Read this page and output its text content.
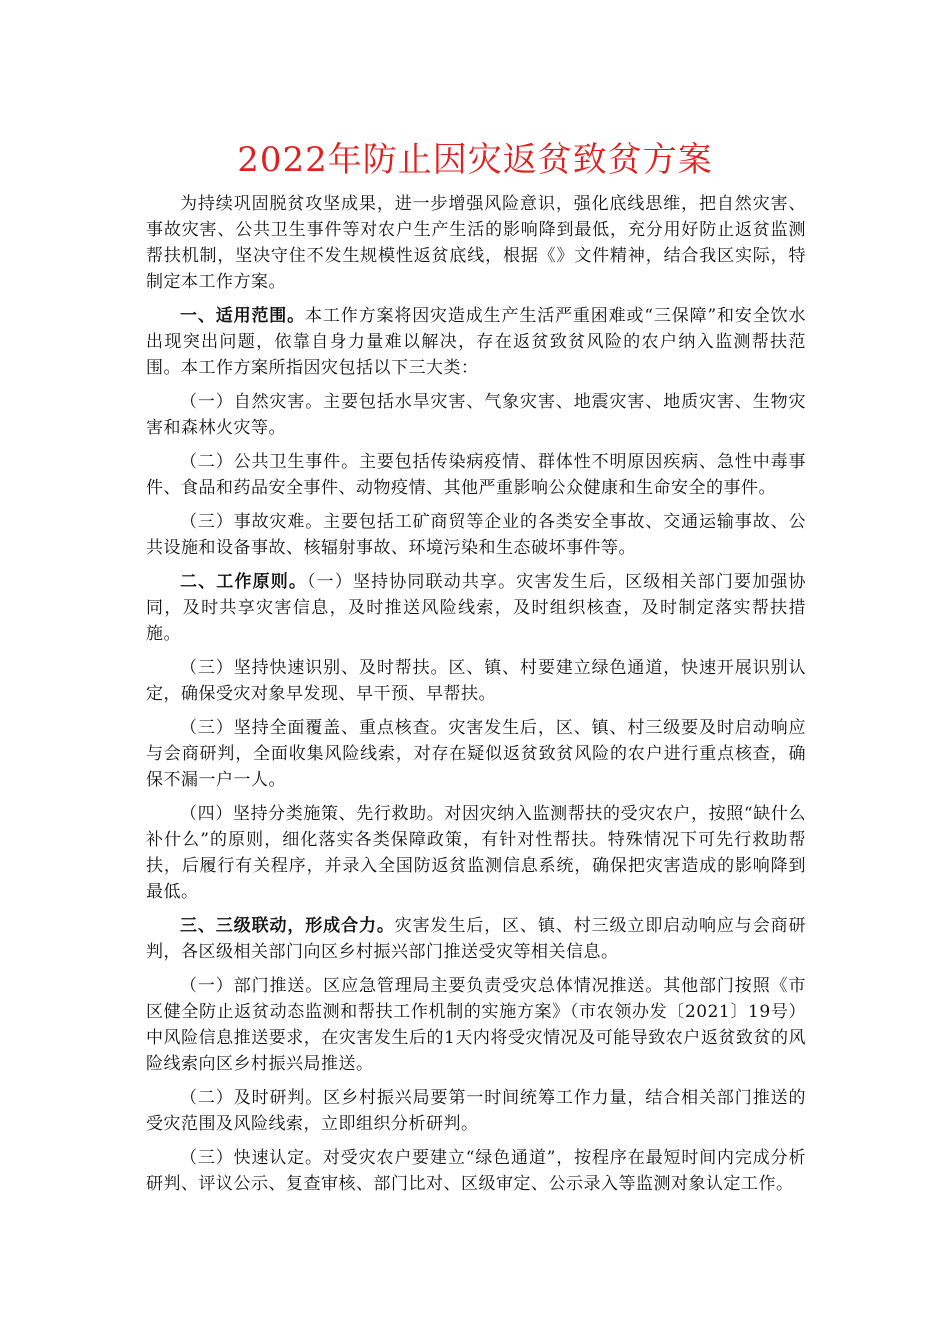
2022年防止因灾返贫致贫方案

为持续巩固脱贫攻坚成果，进一步增强风险意识，强化底线思维，把自然灾害、事故灾害、公共卫生事件等对农户生产生活的影响降到最低，充分用好防止返贫监测帮扶机制，坚决守住不发生规模性返贫底线，根据《》文件精神，结合我区实际，特制定本工作方案。

一、适用范围。本工作方案将因灾造成生产生活严重困难或“三保障”和安全饮水出现突出问题，依靠自身力量难以解决，存在返贫致贫风险的农户纳入监测帮扶范围。本工作方案所指因灾包括以下三大类：

（一）自然灾害。主要包括水旱灾害、气象灾害、地震灾害、地质灾害、生物灾害和森林火灾等。

（二）公共卫生事件。主要包括传染病疫情、群体性不明原因疾病、急性中毒事件、食品和药品安全事件、动物疫情、其他严重影响公众健康和生命安全的事件。

（三）事故灾难。主要包括工矿商贸等企业的各类安全事故、交通运输事故、公共设施和设备事故、核辐射事故、环境污染和生态破坏事件等。

二、工作原则。（一）坚持协同联动共享。灾害发生后，区级相关部门要加强协同，及时共享灾害信息，及时推送风险线索，及时组织核查，及时制定落实帮扶措施。

（三）坚持快速识别、及时帮扶。区、镇、村要建立绿色通道，快速开展识别认定，确保受灾对象早发现、早干预、早帮扶。

（三）坚持全面覆盖、重点核查。灾害发生后，区、镇、村三级要及时启动响应与会商研判，全面收集风险线索，对存在疑似返贫致贫风险的农户进行重点核查，确保不漏一户一人。

（四）坚持分类施策、先行救助。对因灾纳入监测帮扶的受灾农户，按照“缺什么补什么”的原则，细化落实各类保障政策，有针对性帮扶。特殊情况下可先行救助帮扶，后履行有关程序，并录入全国防返贫监测信息系统，确保把灾害造成的影响降到最低。

三、三级联动，形成合力。灾害发生后，区、镇、村三级立即启动响应与会商研判，各区级相关部门向区乡村振兴部门推送受灾等相关信息。

（一）部门推送。区应急管理局主要负责受灾总体情况推送。其他部门按照《市区健全防止返贫动态监测和帮扶工作机制的实施方案》（市农领办发〔2021〕19号）中风险信息推送要求，在灾害发生后的1天内将受灾情况及可能导致农户返贫致贫的风险线索向区乡村振兴局推送。

（二）及时研判。区乡村振兴局要第一时间统筹工作力量，结合相关部门推送的受灾范围及风险线索，立即组织分析研判。

（三）快速认定。对受灾农户要建立“绿色通道”，按程序在最短时间内完成分析研判、评议公示、复查审核、部门比对、区级审定、公示录入等监测对象认定工作。
